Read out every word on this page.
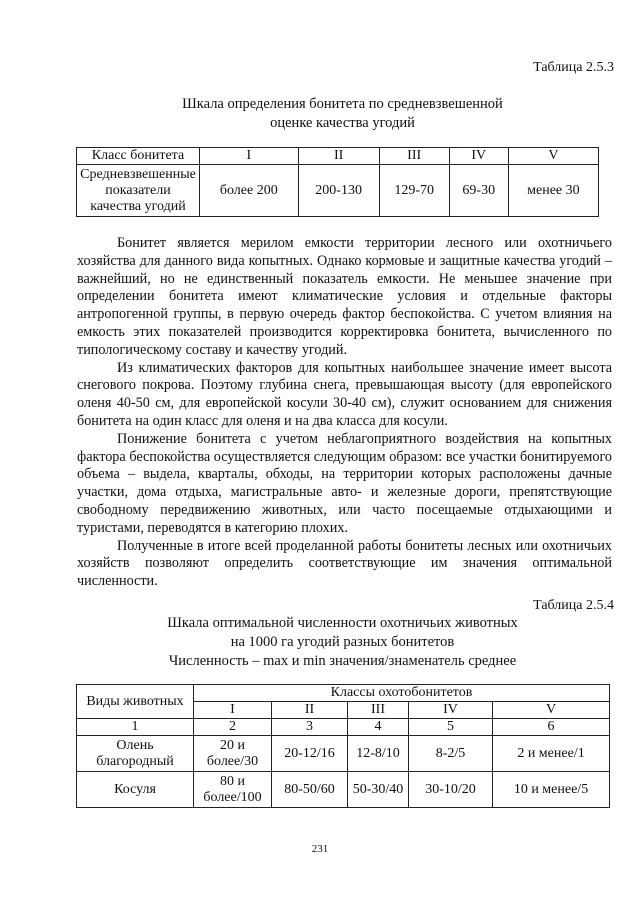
Таблица 2.5.3
Шкала определения бонитета по средневзвешенной
оценке качества угодий
Класс бонитета	I	II	III	IV	V
Средневзвешенные показатели качества угодий	более 200	200-130	129-70	69-30	менее 30

Бонитет является мерилом емкости территории лесного или охотничьего хозяйства для данного вида копытных. Однако кормовые и защитные качества угодий – важнейший, но не единственный показатель емкости. Не меньшее значение при определении бонитета имеют климатические условия и отдельные факторы антропогенной группы, в первую очередь фактор беспокойства. С учетом влияния на емкость этих показателей производится корректировка бонитета, вычисленного по типологическому составу и качеству угодий.

Из климатических факторов для копытных наибольшее значение имеет высота снегового покрова. Поэтому глубина снега, превышающая высоту (для европейского оленя 40-50 см, для европейской косули 30-40 см), служит основанием для снижения бонитета на один класс для оленя и на два класса для косули.

Понижение бонитета с учетом неблагоприятного воздействия на копытных фактора беспокойства осуществляется следующим образом: все участки бонитируемого объема – выдела, кварталы, обходы, на территории которых расположены дачные участки, дома отдыха, магистральные авто- и железные дороги, препятствующие свободному передвижению животных, или часто посещаемые отдыхающими и туристами, переводятся в категорию плохих.

Полученные в итоге всей проделанной работы бонитеты лесных или охотничьих хозяйств позволяют определить соответствующие им значения оптимальной численности.

Таблица 2.5.4
Шкала оптимальной численности охотничьих животных
на 1000 га угодий разных бонитетов
Численность – max и min значения/знаменатель среднее
Виды животных	Классы охотобонитетов				
	I	II	III	IV	V
1	2	3	4	5	6
Олень благородный	20 и более/30	20-12/16	12-8/10	8-2/5	2 и менее/1
Косуля	80 и более/100	80-50/60	50-30/40	30-10/20	10 и менее/5
231
